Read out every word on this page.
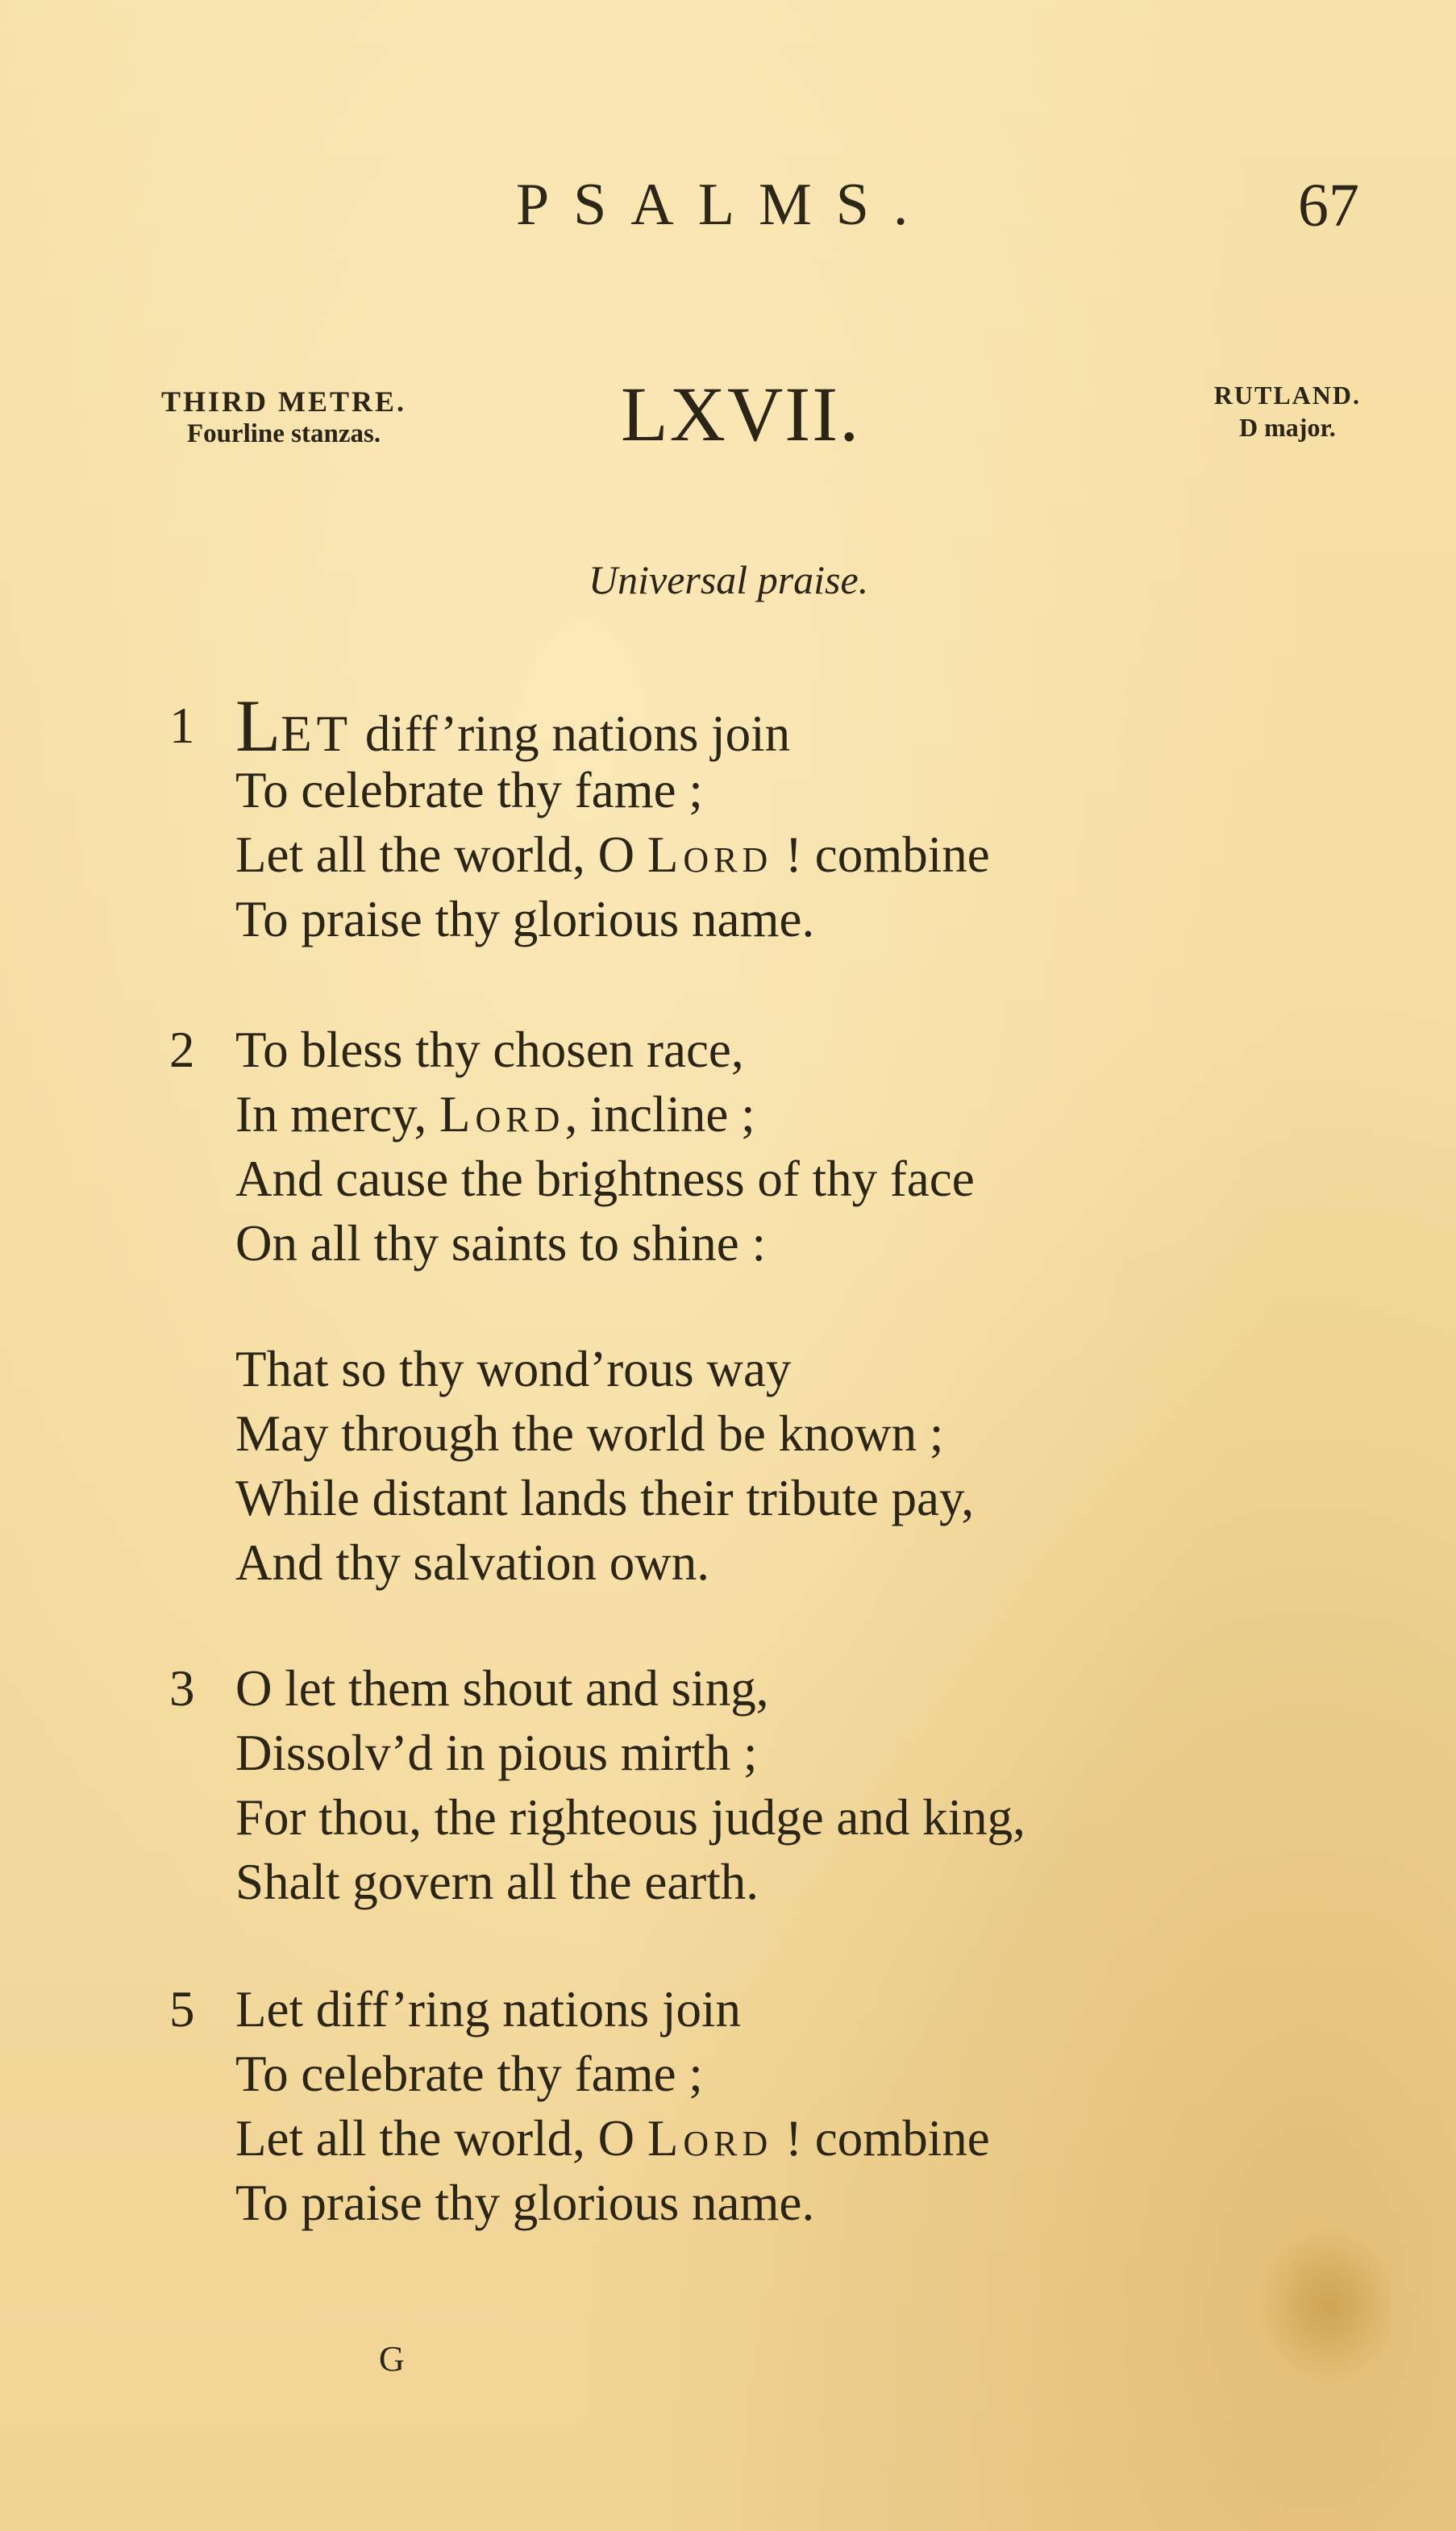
PSALMS.	67
THIRD METRE.
Fourline stanzas.	LXVII.	RUTLAND.
D major.
Universal praise.
1 LET diff’ring nations join
To celebrate thy fame ;
Let all the world, O Lord ! combine
To praise thy glorious name.
2 To bless thy chosen race,
In mercy, Lord, incline ;
And cause the brightness of thy face
On all thy saints to shine :
That so thy wond’rous way
May through the world be known ;
While distant lands their tribute pay,
And thy salvation own.
3 O let them shout and sing,
Dissolv’d in pious mirth ;
For thou, the righteous judge and king,
Shalt govern all the earth.
5 Let diff’ring nations join
To celebrate thy fame ;
Let all the world, O Lord ! combine
To praise thy glorious name.
G
